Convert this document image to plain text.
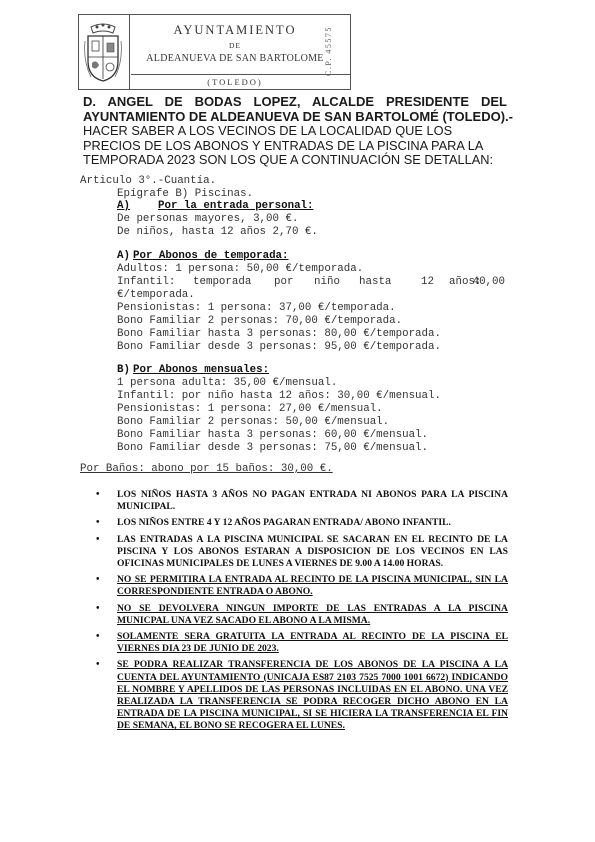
AYUNTAMIENTO
DE
ALDEANUEVA DE SAN BARTOLOME
(TOLEDO)
C.P. 45575
D. ANGEL DE BODAS LOPEZ, ALCALDE PRESIDENTE DEL
AYUNTAMIENTO DE ALDEANUEVA DE SAN BARTOLOMÉ (TOLEDO).-
HACER SABER A LOS VECINOS DE LA LOCALIDAD QUE LOS PRECIOS DE LOS ABONOS Y ENTRADAS DE LA PISCINA PARA LA TEMPORADA 2023 SON LOS QUE A CONTINUACIÓN SE DETALLAN:
Articulo 3°.-Cuantía.
Epígrafe B) Piscinas.
A)	Por la entrada personal:
De personas mayores, 3,00 €.
De niños, hasta 12 años 2,70 €.
A) Por Abonos de temporada:
Adultos: 1 persona: 50,00 €/temporada.
Infantil: temporada por niño hasta	12 años:
40,00
€/temporada.
Pensionistas: 1 persona: 37,00 €/temporada.
Bono Familiar 2 personas: 70,00 €/temporada.
Bono Familiar hasta 3 personas: 80,00 €/temporada.
Bono Familiar desde 3 personas: 95,00 €/temporada.
B) Por Abonos mensuales:
1 persona adulta: 35,00 €/mensual.
Infantil: por niño hasta 12 años: 30,00 €/mensual.
Pensionistas: 1 persona: 27,00 €/mensual.
Bono Familiar 2 personas: 50,00 €/mensual.
Bono Familiar hasta 3 personas: 60,00 €/mensual.
Bono Familiar desde 3 personas: 75,00 €/mensual.
Por Baños: abono por 15 baños: 30,00 €.
• LOS NIÑOS HASTA 3 AÑOS NO PAGAN ENTRADA NI ABONOS PARA LA PISCINA MUNICIPAL.
• LOS NIÑOS ENTRE 4 Y 12 AÑOS PAGARAN ENTRADA/ ABONO INFANTIL.
• LAS ENTRADAS A LA PISCINA MUNICIPAL SE SACARAN EN EL RECINTO DE LA PISCINA Y LOS ABONOS ESTARAN A DISPOSICION DE LOS VECINOS EN LAS OFICINAS MUNICIPALES DE LUNES A VIERNES DE 9.00 A 14.00 HORAS.
• NO SE PERMITIRA LA ENTRADA AL RECINTO DE LA PISCINA MUNICIPAL, SIN LA CORRESPONDIENTE ENTRADA O ABONO.
• NO SE DEVOLVERA NINGUN IMPORTE DE LAS ENTRADAS A LA PISCINA MUNICPAL UNA VEZ SACADO EL ABONO A LA MISMA.
• SOLAMENTE SERA GRATUITA LA ENTRADA AL RECINTO DE LA PISCINA EL VIERNES DIA 23 DE JUNIO DE 2023.
• SE PODRA REALIZAR TRANSFERENCIA DE LOS ABONOS DE LA PISCINA A LA CUENTA DEL AYUNTAMIENTO (UNICAJA ES87 2103 7525 7000 1001 6672) INDICANDO EL NOMBRE Y APELLIDOS DE LAS PERSONAS INCLUIDAS EN EL ABONO. UNA VEZ REALIZADA LA TRANSFERENCIA SE PODRA RECOGER DICHO ABONO EN LA ENTRADA DE LA PISCINA MUNICIPAL, SI SE HICIERA LA TRANSFERENCIA EL FIN DE SEMANA, EL BONO SE RECOGERA EL LUNES.
